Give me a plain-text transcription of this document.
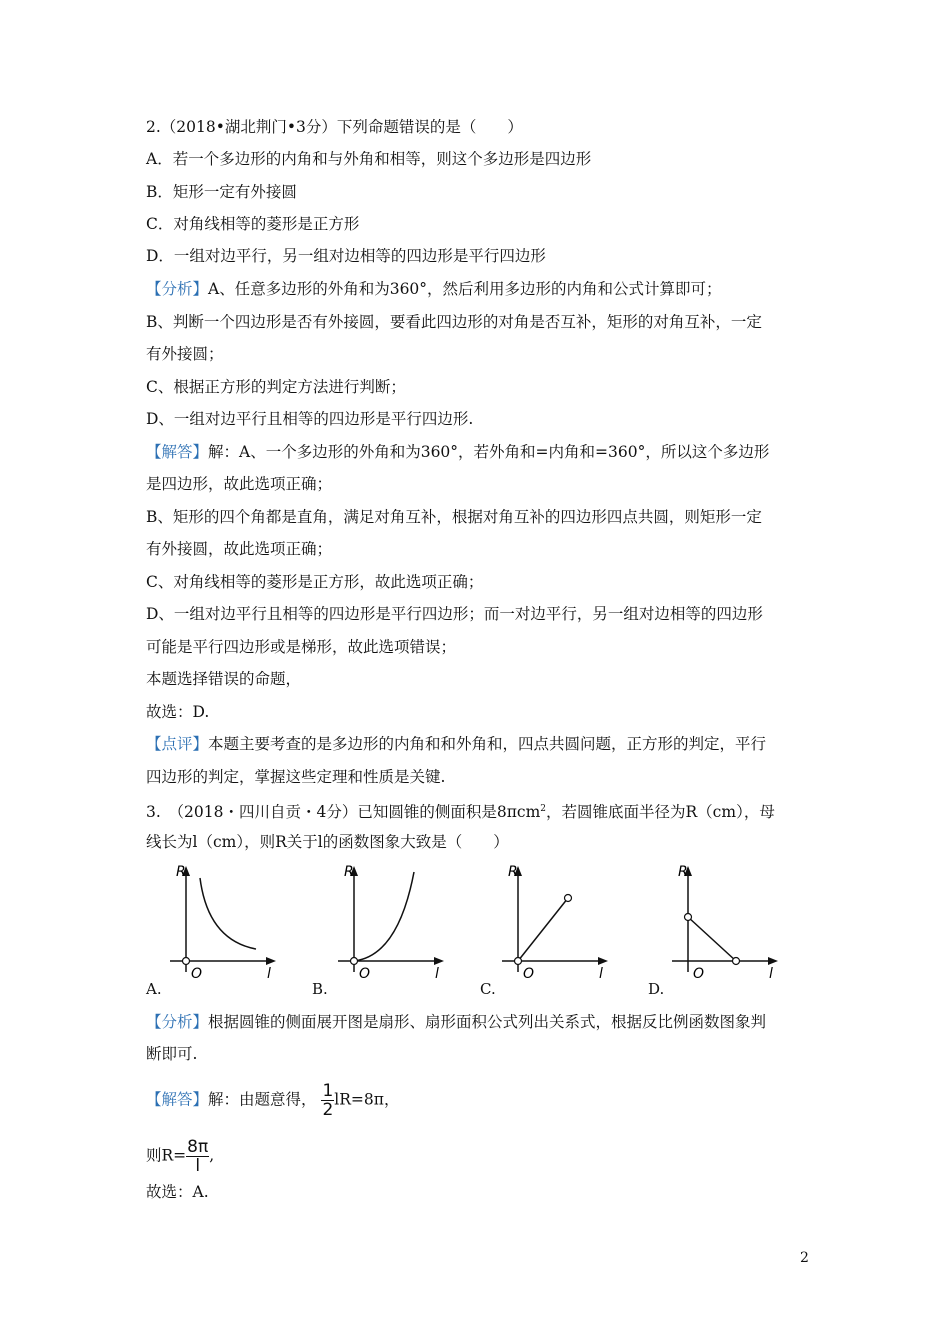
2.（2018•湖北荆门•3分）下列命题错误的是（　　）
A．若一个多边形的内角和与外角和相等，则这个多边形是四边形
B．矩形一定有外接圆
C．对角线相等的菱形是正方形
D．一组对边平行，另一组对边相等的四边形是平行四边形
【分析】A、任意多边形的外角和为360°，然后利用多边形的内角和公式计算即可；
B、判断一个四边形是否有外接圆，要看此四边形的对角是否互补，矩形的对角互补，一定
有外接圆；
C、根据正方形的判定方法进行判断；
D、一组对边平行且相等的四边形是平行四边形.
【解答】解：A、一个多边形的外角和为360°，若外角和=内角和=360°，所以这个多边形
是四边形，故此选项正确；
B、矩形的四个角都是直角，满足对角互补，根据对角互补的四边形四点共圆，则矩形一定
有外接圆，故此选项正确；
C、对角线相等的菱形是正方形，故此选项正确；
D、一组对边平行且相等的四边形是平行四边形；而一对边平行，另一组对边相等的四边形
可能是平行四边形或是梯形，故此选项错误；
本题选择错误的命题，
故选：D.
【点评】本题主要考查的是多边形的内角和和外角和，四点共圆问题，正方形的判定，平行
四边形的判定，掌握这些定理和性质是关键.
3.　（2018・四川自贡・4分）已知圆锥的侧面积是8πcm$^2$，若圆锥底面半径为R（cm），母
线长为l（cm），则R关于l的函数图象大致是（　　）
R
O	l
R
O	l
R
O	l
R
O	l
A.	B.	C.	D.
【分析】根据圆锥的侧面展开图是扇形、扇形面积公式列出关系式，根据反比例函数图象判
断即可.
【解答】解：由题意得， $\frac{1}{2} lR=8\pi$，
则$R= \frac{8\pi}{l}$ ,
故选：A.
2
